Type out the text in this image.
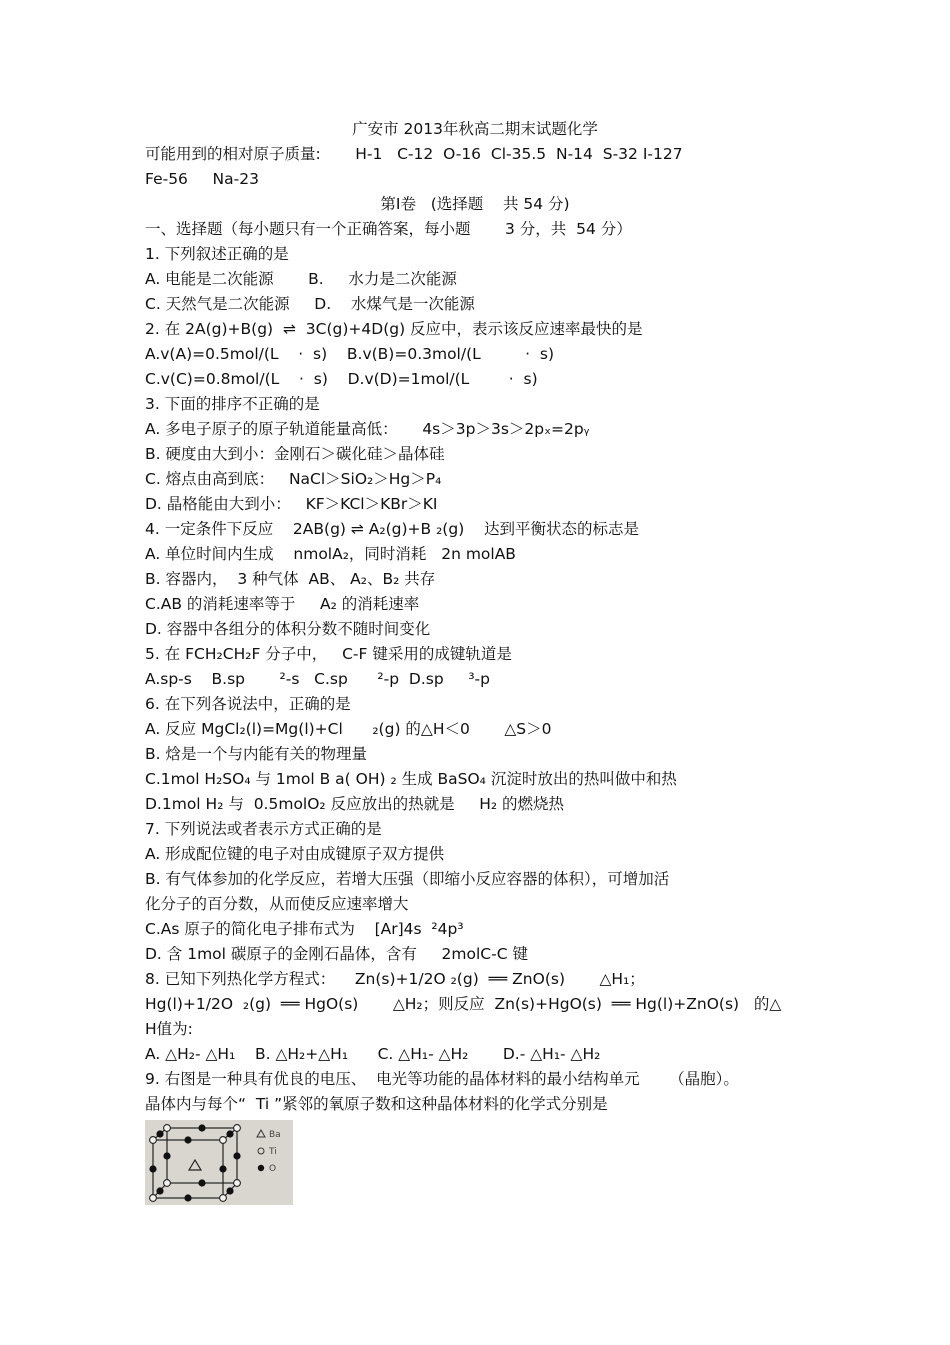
广安市 2013年秋高二期末试题化学
可能用到的相对原子质量:       H-1   C-12  O-16  Cl-35.5  N-14  S-32 I-127
Fe-56     Na-23
第Ⅰ卷   (选择题    共 54 分)
一、选择题（每小题只有一个正确答案，每小题       3 分，共  54 分）
1. 下列叙述正确的是
A. 电能是二次能源       B.     水力是二次能源
C. 天然气是二次能源     D.    水煤气是一次能源
2. 在 2A(g)+B(g)  ⇌  3C(g)+4D(g) 反应中，表示该反应速率最快的是
A.v(A)=0.5mol/(L    ·  s)    B.v(B)=0.3mol/(L         ·  s)
C.v(C)=0.8mol/(L    ·  s)    D.v(D)=1mol/(L        ·  s)
3. 下面的排序不正确的是
A. 多电子原子的原子轨道能量高低：     4s＞3p＞3s＞2pₓ=2pᵧ
B. 硬度由大到小：金刚石＞碳化硅＞晶体硅
C. 熔点由高到底：   NaCl＞SiO₂＞Hg＞P₄
D. 晶格能由大到小：   KF＞KCl＞KBr＞KI
4. 一定条件下反应    2AB(g) ⇌ A₂(g)+B ₂(g)    达到平衡状态的标志是
A. 单位时间内生成    nmolA₂，同时消耗   2n molAB
B. 容器内，  3 种气体  AB、 A₂、B₂ 共存
C.AB 的消耗速率等于     A₂ 的消耗速率
D. 容器中各组分的体积分数不随时间变化
5. 在 FCH₂CH₂F 分子中，   C-F 键采用的成键轨道是
A.sp-s    B.sp       ²-s   C.sp      ²-p  D.sp     ³-p
6. 在下列各说法中，正确的是
A. 反应 MgCl₂(l)=Mg(l)+Cl      ₂(g) 的△H＜0       △S＞0
B. 焓是一个与内能有关的物理量
C.1mol H₂SO₄ 与 1mol B a( OH) ₂ 生成 BaSO₄ 沉淀时放出的热叫做中和热
D.1mol H₂ 与  0.5molO₂ 反应放出的热就是     H₂ 的燃烧热
7. 下列说法或者表示方式正确的是
A. 形成配位键的电子对由成键原子双方提供
B. 有气体参加的化学反应，若增大压强（即缩小反应容器的体积），可增加活
化分子的百分数，从而使反应速率增大
C.As 原子的简化电子排布式为    [Ar]4s  ²4p³
D. 含 1mol 碳原子的金刚石晶体，含有     2molC-C 键
8. 已知下列热化学方程式：    Zn(s)+1/2O ₂(g)  ══ ZnO(s)       △H₁；
Hg(l)+1/2O  ₂(g)  ══ HgO(s)       △H₂；则反应  Zn(s)+HgO(s)  ══ Hg(l)+ZnO(s)   的△
H值为:
A. △H₂- △H₁    B. △H₂+△H₁      C. △H₁- △H₂       D.- △H₁- △H₂
9. 右图是一种具有优良的电压、  电光等功能的晶体材料的最小结构单元      （晶胞）。
晶体内与每个“  Ti ”紧邻的氧原子数和这种晶体材料的化学式分别是
Ba
Ti
O
